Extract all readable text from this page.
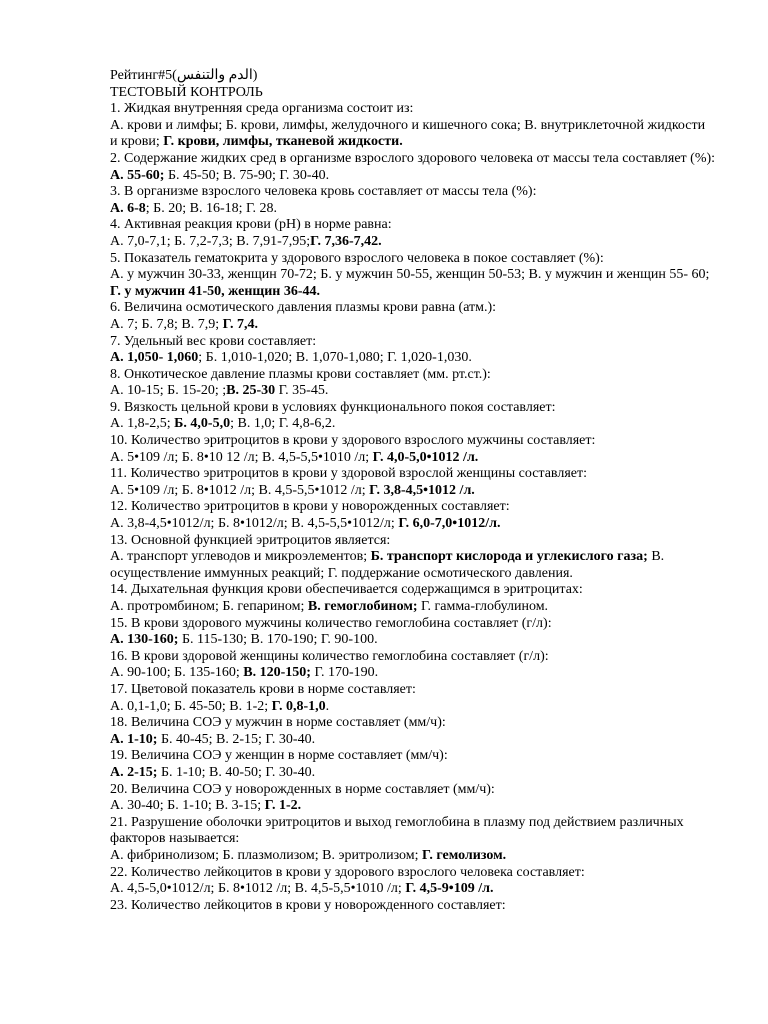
Рейтинг#5(الدم والتنفس)
ТЕСТОВЫЙ КОНТРОЛЬ
1. Жидкая внутренняя среда организма состоит из:
А. крови и лимфы; Б. крови, лимфы, желудочного и кишечного сока; В. внутриклеточной жидкости и крови; Г. крови, лимфы, тканевой жидкости.
2. Содержание жидких сред в организме взрослого здорового человека от массы тела составляет (%):
А. 55-60; Б. 45-50; В. 75-90; Г. 30-40.
3. В организме взрослого человека кровь составляет от массы тела (%):
А. 6-8; Б. 20; В. 16-18; Г. 28.
4. Активная реакция крови (рН) в норме равна:
А. 7,0-7,1; Б. 7,2-7,3; В. 7,91-7,95;Г. 7,36-7,42.
5. Показатель гематокрита у здорового взрослого человека в покое составляет (%):
А. у мужчин 30-33, женщин 70-72; Б. у мужчин 50-55, женщин 50-53; В. у мужчин и женщин 55- 60; Г. у мужчин 41-50, женщин 36-44.
6. Величина осмотического давления плазмы крови равна (атм.):
А. 7; Б. 7,8; В. 7,9; Г. 7,4.
7. Удельный вес крови составляет:
А. 1,050- 1,060; Б. 1,010-1,020; В. 1,070-1,080; Г. 1,020-1,030.
8. Онкотическое давление плазмы крови составляет (мм. рт.ст.):
А. 10-15; Б. 15-20; ;В. 25-30 Г. 35-45.
9. Вязкость цельной крови в условиях функционального покоя составляет:
А. 1,8-2,5; Б. 4,0-5,0; В. 1,0; Г. 4,8-6,2.
10. Количество эритроцитов в крови у здорового взрослого мужчины составляет:
А. 5•109 /л; Б. 8•10 12 /л; В. 4,5-5,5•1010 /л; Г. 4,0-5,0•1012 /л.
11. Количество эритроцитов в крови у здоровой взрослой женщины составляет:
А. 5•109 /л; Б. 8•1012 /л; В. 4,5-5,5•1012 /л; Г. 3,8-4,5•1012 /л.
12. Количество эритроцитов в крови у новорожденных составляет:
А. 3,8-4,5•1012/л; Б. 8•1012/л; В. 4,5-5,5•1012/л; Г. 6,0-7,0•1012/л.
13. Основной функцией эритроцитов является:
А. транспорт углеводов и микроэлементов; Б. транспорт кислорода и углекислого газа; В. осуществление иммунных реакций; Г. поддержание осмотического давления.
14. Дыхательная функция крови обеспечивается содержащимся в эритроцитах:
А. протромбином; Б. гепарином; В. гемоглобином; Г. гамма-глобулином.
15. В крови здорового мужчины количество гемоглобина составляет (г/л):
А. 130-160; Б. 115-130; В. 170-190; Г. 90-100.
16. В крови здоровой женщины количество гемоглобина составляет (г/л):
А. 90-100; Б. 135-160; В. 120-150; Г. 170-190.
17. Цветовой показатель крови в норме составляет:
А. 0,1-1,0; Б. 45-50; В. 1-2; Г. 0,8-1,0.
18. Величина СОЭ у мужчин в норме составляет (мм/ч):
А. 1-10; Б. 40-45; В. 2-15; Г. 30-40.
19. Величина СОЭ у женщин в норме составляет (мм/ч):
А. 2-15; Б. 1-10; В. 40-50; Г. 30-40.
20. Величина СОЭ у новорожденных в норме составляет (мм/ч):
А. 30-40; Б. 1-10; В. 3-15; Г. 1-2.
21. Разрушение оболочки эритроцитов и выход гемоглобина в плазму под действием различных факторов называется:
А. фибринолизом; Б. плазмолизом; В. эритролизом; Г. гемолизом.
22. Количество лейкоцитов в крови у здорового взрослого человека составляет:
А. 4,5-5,0•1012/л; Б. 8•1012 /л; В. 4,5-5,5•1010 /л; Г. 4,5-9•109 /л.
23. Количество лейкоцитов в крови у новорожденного составляет:
